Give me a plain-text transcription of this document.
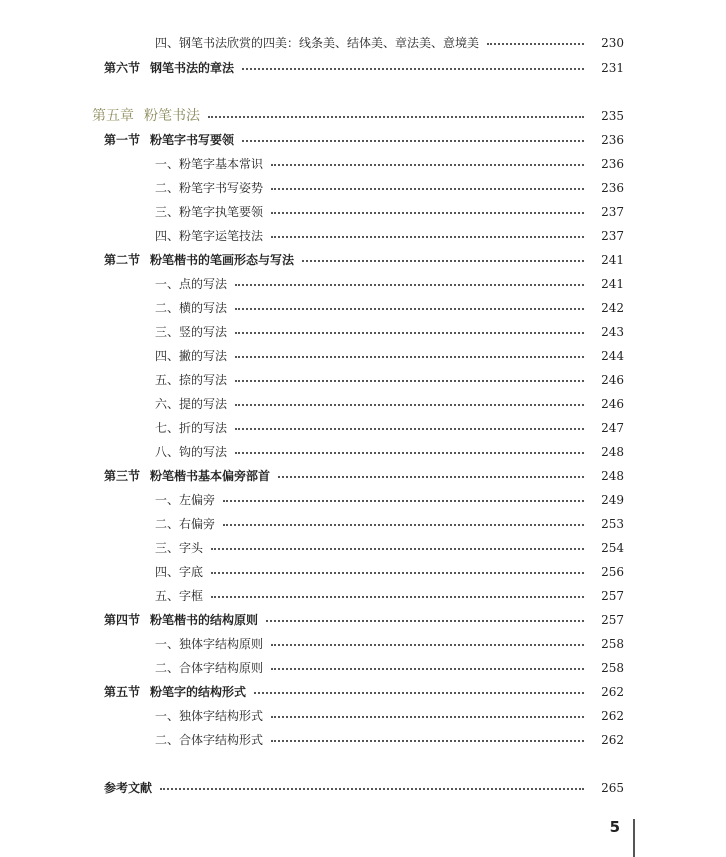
四、钢笔书法欣赏的四美：线条美、结体美、章法美、意境美	230
第六节 钢笔书法的章法	231
第五章 粉笔书法	235
第一节 粉笔字书写要领	236
一、粉笔字基本常识	236
二、粉笔字书写姿势	236
三、粉笔字执笔要领	237
四、粉笔字运笔技法	237
第二节 粉笔楷书的笔画形态与写法	241
一、点的写法	241
二、横的写法	242
三、竖的写法	243
四、撇的写法	244
五、捺的写法	246
六、提的写法	246
七、折的写法	247
八、钩的写法	248
第三节 粉笔楷书基本偏旁部首	248
一、左偏旁	249
二、右偏旁	253
三、字头	254
四、字底	256
五、字框	257
第四节 粉笔楷书的结构原则	257
一、独体字结构原则	258
二、合体字结构原则	258
第五节 粉笔字的结构形式	262
一、独体字结构形式	262
二、合体字结构形式	262
参考文献	265
5
